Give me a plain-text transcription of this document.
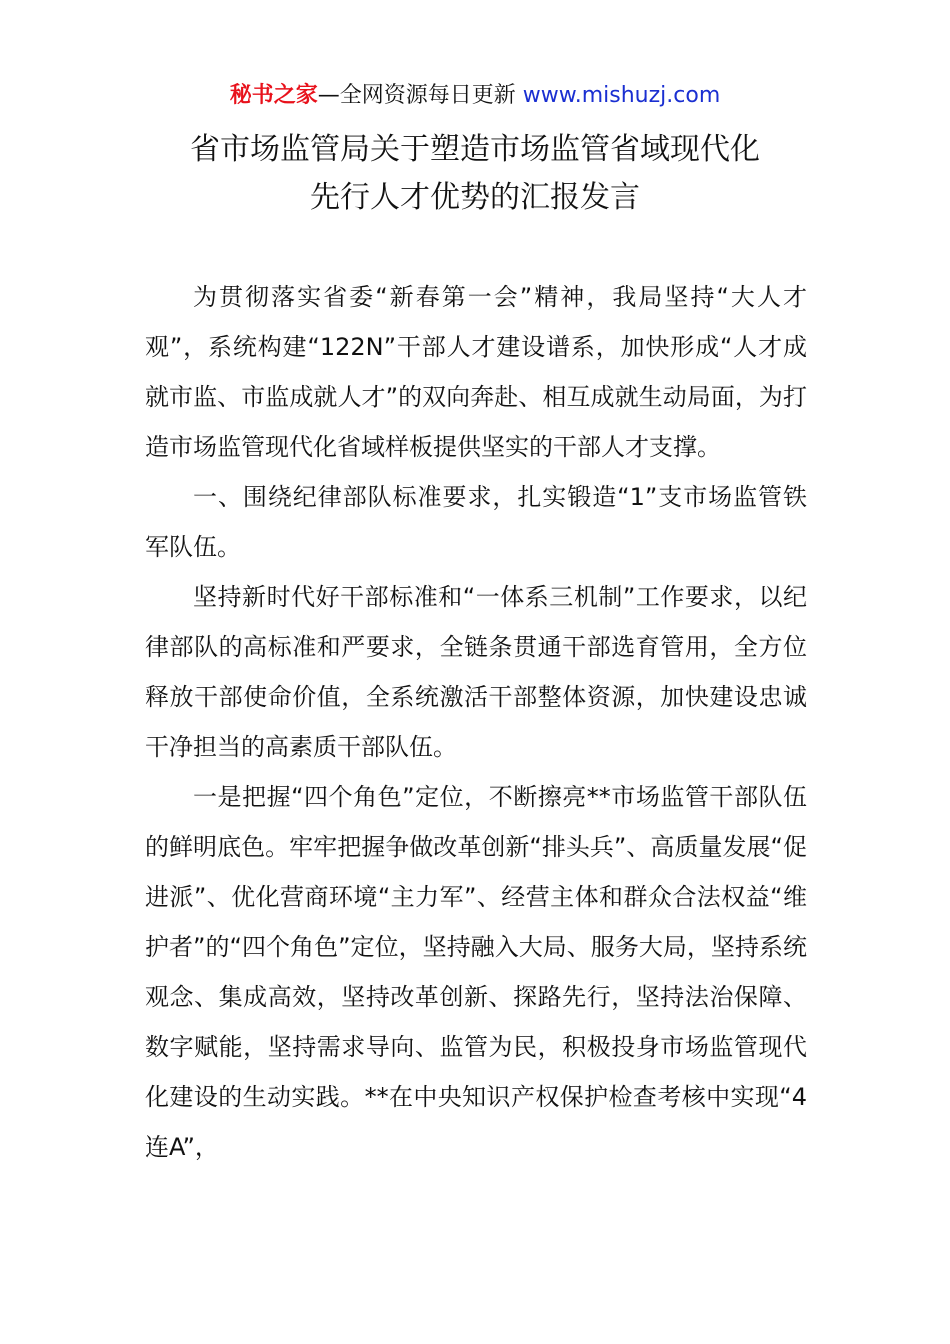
秘书之家—全网资源每日更新 www.mishuzj.com
省市场监管局关于塑造市场监管省域现代化
先行人才优势的汇报发言

为贯彻落实省委“新春第一会”精神，我局坚持“大人才观”，系统构建“122N”干部人才建设谱系，加快形成“人才成就市监、市监成就人才”的双向奔赴、相互成就生动局面，为打造市场监管现代化省域样板提供坚实的干部人才支撑。

一、围绕纪律部队标准要求，扎实锻造“1”支市场监管铁军队伍。

坚持新时代好干部标准和“一体系三机制”工作要求，以纪律部队的高标准和严要求，全链条贯通干部选育管用，全方位释放干部使命价值，全系统激活干部整体资源，加快建设忠诚干净担当的高素质干部队伍。

一是把握“四个角色”定位，不断擦亮**市场监管干部队伍的鲜明底色。牢牢把握争做改革创新“排头兵”、高质量发展“促进派”、优化营商环境“主力军”、经营主体和群众合法权益“维护者”的“四个角色”定位，坚持融入大局、服务大局，坚持系统观念、集成高效，坚持改革创新、探路先行，坚持法治保障、数字赋能，坚持需求导向、监管为民，积极投身市场监管现代化建设的生动实践。**在中央知识产权保护检查考核中实现“4连A”，
